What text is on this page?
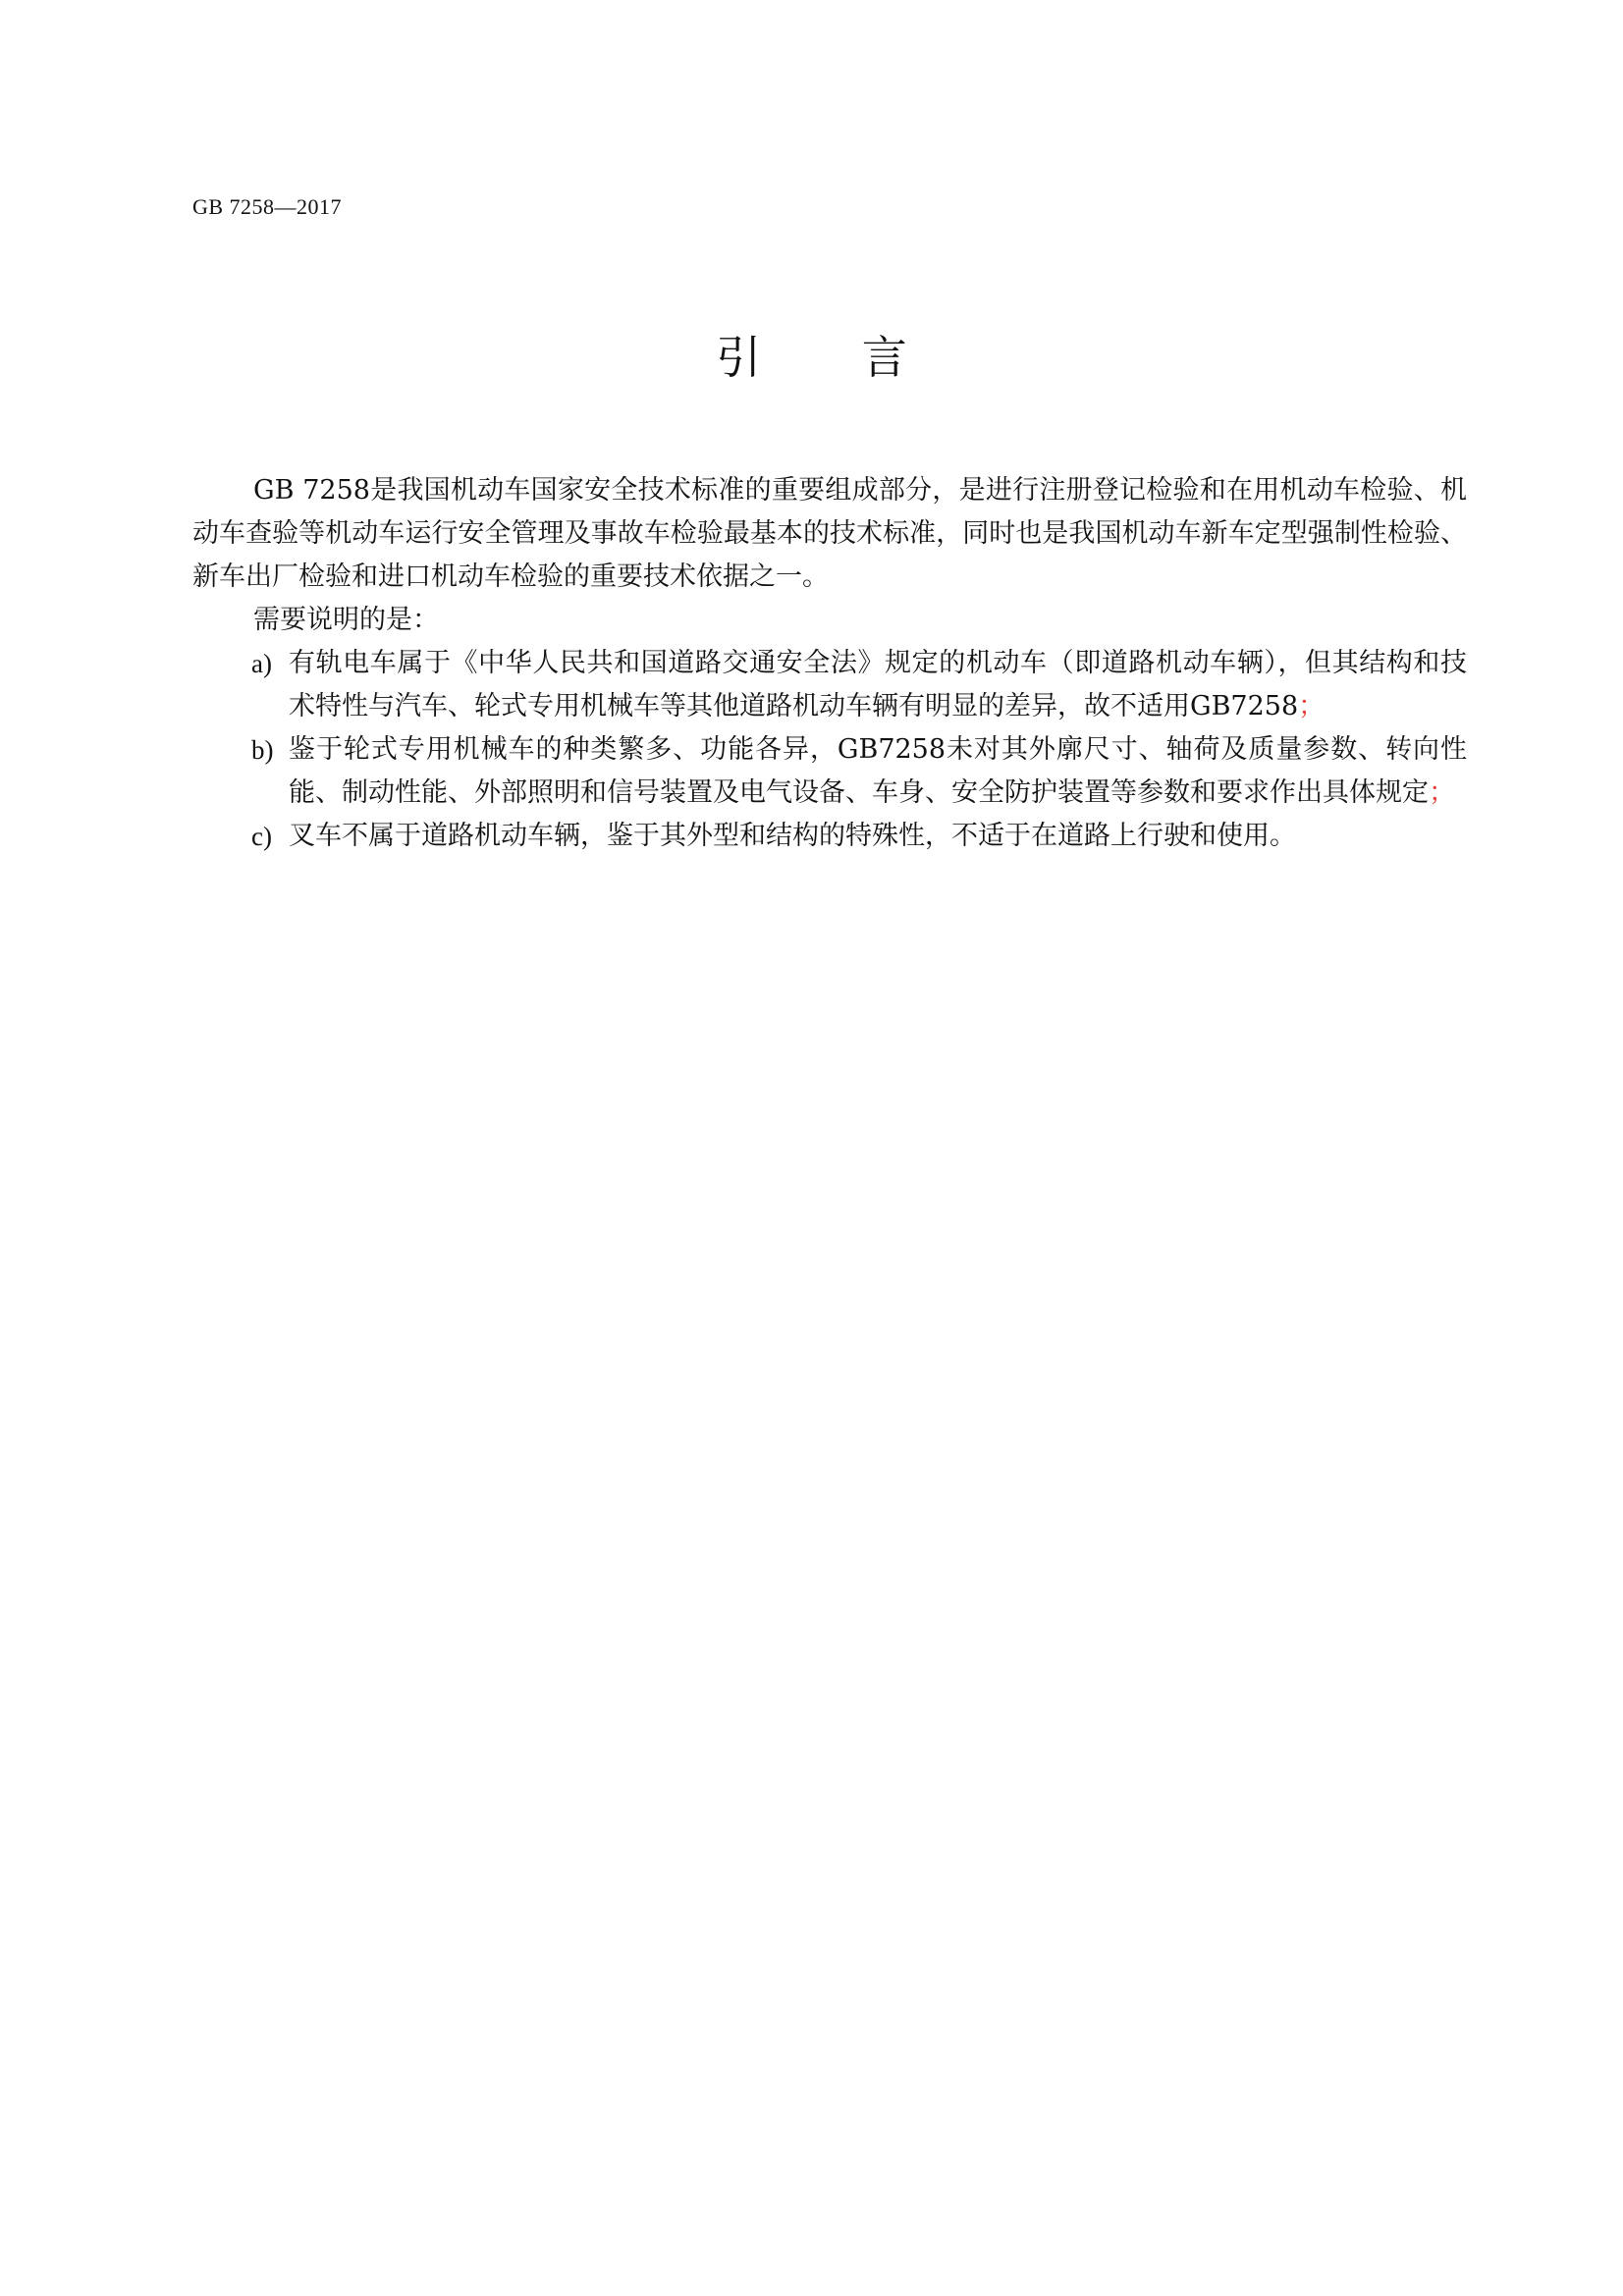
GB 7258—2017
引 言

GB 7258是我国机动车国家安全技术标准的重要组成部分，是进行注册登记检验和在用机动车检验、机动车查验等机动车运行安全管理及事故车检验最基本的技术标准，同时也是我国机动车新车定型强制性检验、新车出厂检验和进口机动车检验的重要技术依据之一。

需要说明的是：

a) 有轨电车属于《中华人民共和国道路交通安全法》规定的机动车（即道路机动车辆），但其结构和技术特性与汽车、轮式专用机械车等其他道路机动车辆有明显的差异，故不适用GB7258；

b) 鉴于轮式专用机械车的种类繁多、功能各异，GB7258未对其外廓尺寸、轴荷及质量参数、转向性能、制动性能、外部照明和信号装置及电气设备、车身、安全防护装置等参数和要求作出具体规定；

c) 叉车不属于道路机动车辆，鉴于其外型和结构的特殊性，不适于在道路上行驶和使用。
